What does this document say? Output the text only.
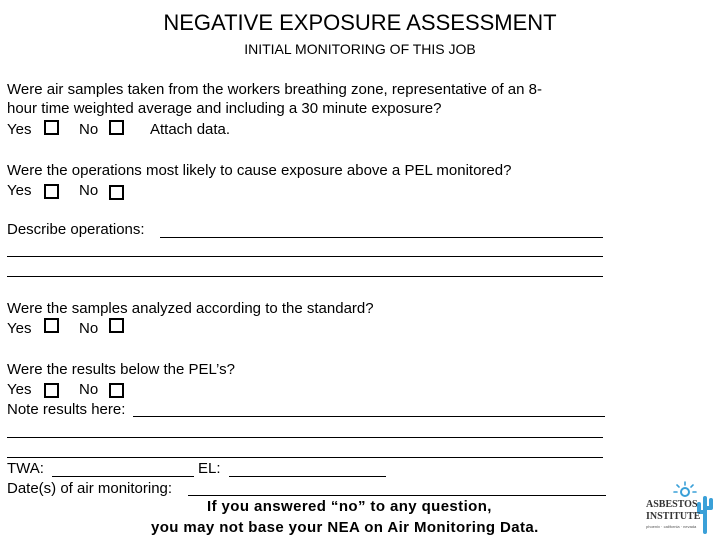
NEGATIVE EXPOSURE ASSESSMENT
INITIAL MONITORING OF THIS JOB
Were air samples taken from the workers breathing zone, representative of an 8-
hour time weighted average and including a 30 minute exposure?
Yes	No	Attach data.
Were the operations most likely to cause exposure above a PEL monitored?
Yes	No
Describe operations:
Were the samples analyzed according to the standard?
Yes	No
Were the results below the PEL’s?
Yes	No
Note results here:
TWA:	EL:
Date(s) of air monitoring:
If you answered “no” to any question,
you may not base your NEA on Air Monitoring Data.
ASBESTOS
INSTITUTE
phoenix · california · nevada
